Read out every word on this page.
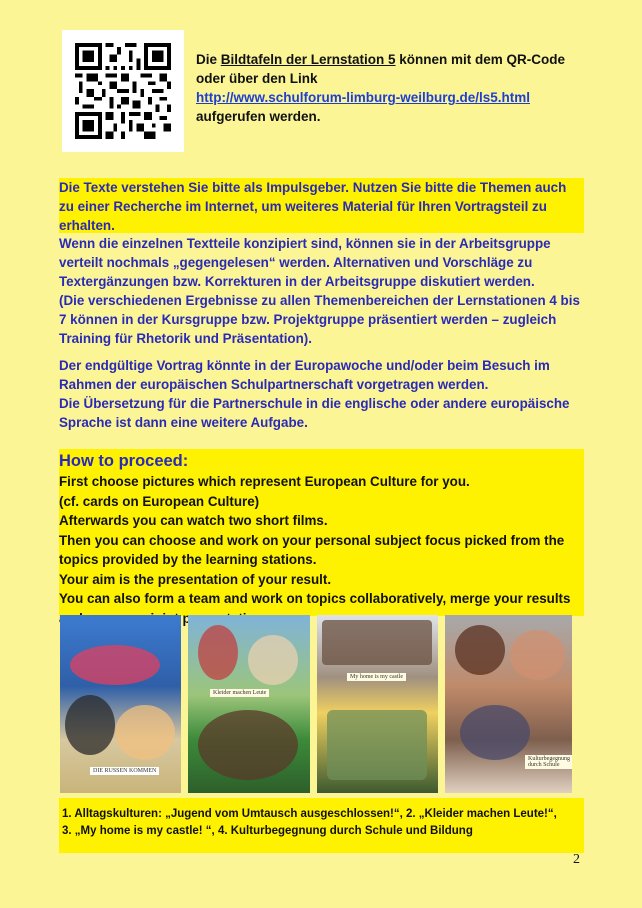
Die Bildtafeln der Lernstation 5 können mit dem QR-Code
oder über den Link
http://www.schulforum-limburg-weilburg.de/ls5.html
aufgerufen werden.

Die Texte verstehen Sie bitte als Impulsgeber. Nutzen Sie bitte die Themen auch zu einer Recherche im Internet, um weiteres Material für Ihren Vortragsteil zu erhalten.

Wenn die einzelnen Textteile konzipiert sind, können sie in der Arbeitsgruppe verteilt nochmals „gegengelesen“ werden. Alternativen und Vorschläge zu Textergänzungen bzw. Korrekturen in der Arbeitsgruppe diskutiert werden.

(Die verschiedenen Ergebnisse zu allen Themenbereichen der Lernstationen 4 bis 7 können in der Kursgruppe bzw. Projektgruppe präsentiert werden – zugleich Training für Rhetorik und Präsentation).

Der endgültige Vortrag könnte in der Europawoche und/oder beim Besuch im Rahmen der europäischen Schulpartnerschaft vorgetragen werden.

Die Übersetzung für die Partnerschule in die englische oder andere europäische Sprache ist dann eine weitere Aufgabe.

How to proceed:
First choose pictures which represent European Culture for you.
(cf. cards on European Culture)
Afterwards you can watch two short films.
Then you can choose and work on your personal subject focus picked from the topics provided by the learning stations.
Your aim is the presentation of your result.
You can also form a team and work on topics collaboratively, merge your results
DIE RUSSEN KOMMEN
Kleider machen Leute
My home is my castle
Kulturbegegnung durch Schule
1. Alltagskulturen: „Jugend vom Umtausch ausgeschlossen!“, 2. „Kleider machen Leute!“,
3. „My home is my castle! “, 4. Kulturbegegnung durch Schule und Bildung
2
